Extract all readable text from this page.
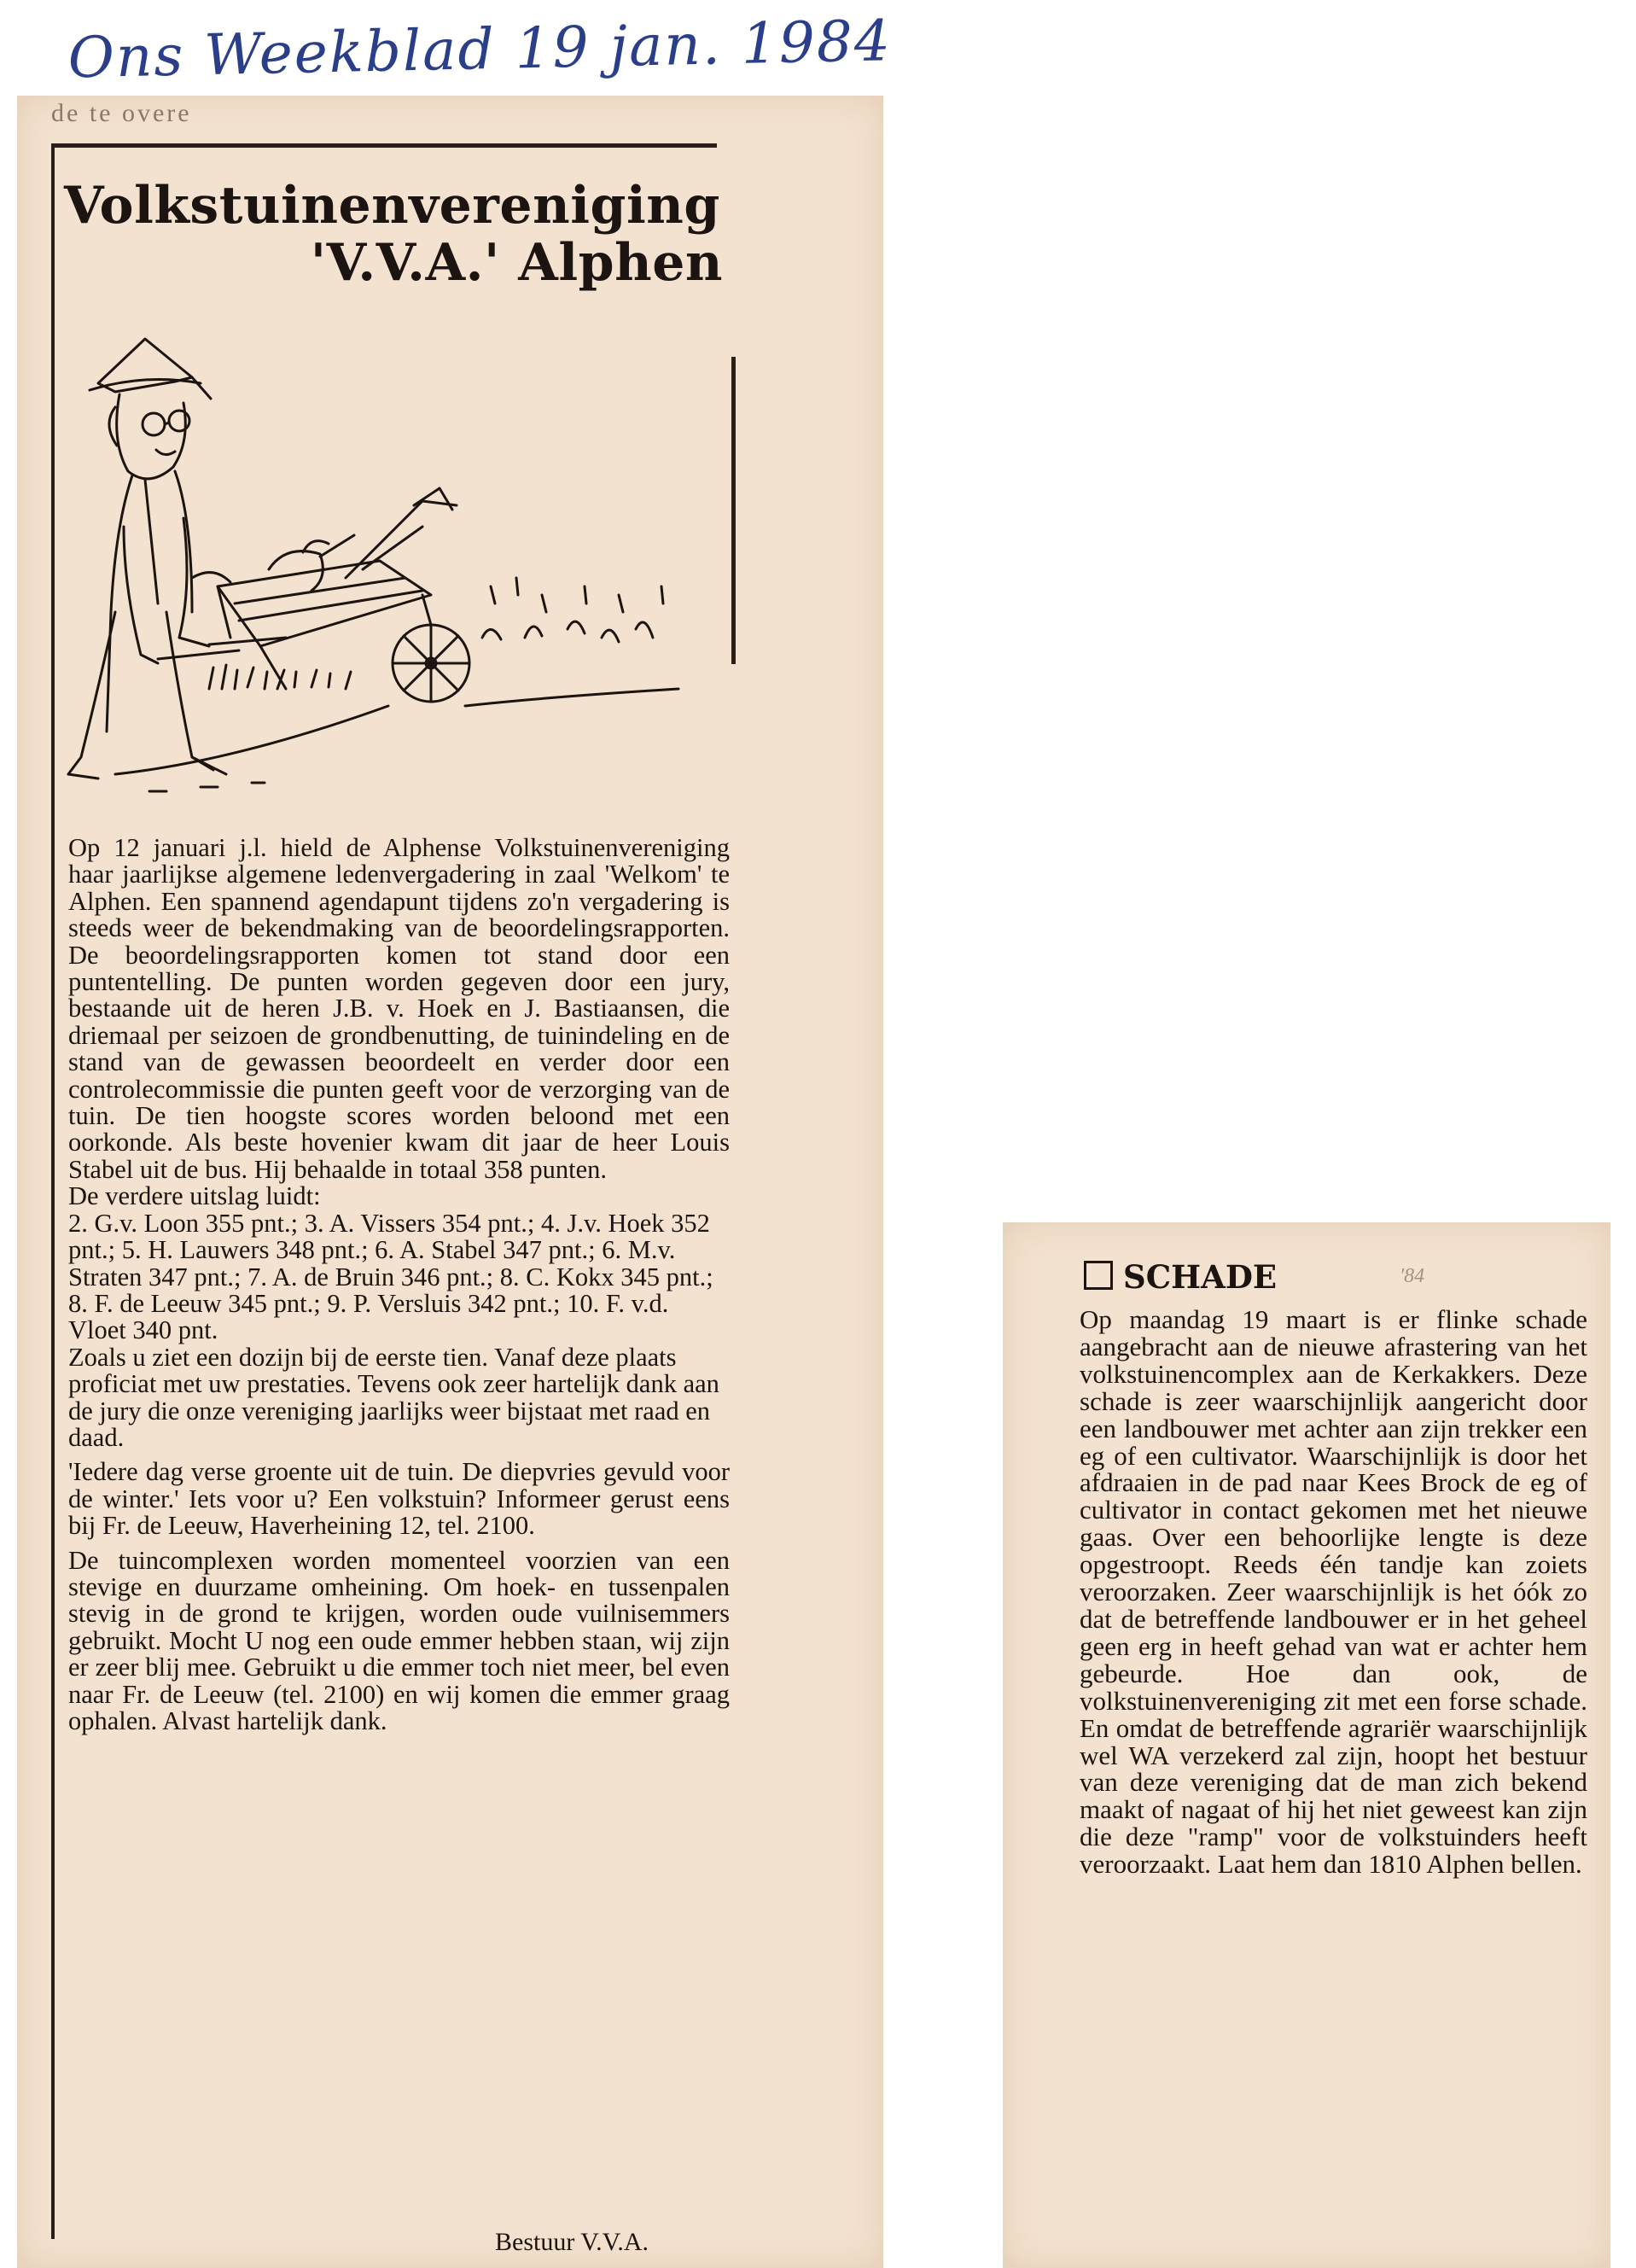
Ons Weekblad 19 jan. 1984
de te overe
Volkstuinenvereniging
'V.V.A.' Alphen

Op 12 januari j.l. hield de Alphense Volkstuinenvereniging haar jaarlijkse algemene ledenvergadering in zaal 'Welkom' te Alphen. Een spannend agendapunt tijdens zo'n vergadering is steeds weer de bekendmaking van de beoordelingsrapporten. De beoordelingsrapporten komen tot stand door een puntentelling. De punten worden gegeven door een jury, bestaande uit de heren J.B. v. Hoek en J. Bastiaansen, die driemaal per seizoen de grondbenutting, de tuinindeling en de stand van de gewassen beoordeelt en verder door een controlecommissie die punten geeft voor de verzorging van de tuin. De tien hoogste scores worden beloond met een oorkonde. Als beste hovenier kwam dit jaar de heer Louis Stabel uit de bus. Hij behaalde in totaal 358 punten.
De verdere uitslag luidt:
2. G.v. Loon 355 pnt.; 3. A. Vissers 354 pnt.; 4. J.v. Hoek 352 pnt.; 5. H. Lauwers 348 pnt.; 6. A. Stabel 347 pnt.; 6. M.v. Straten 347 pnt.; 7. A. de Bruin 346 pnt.; 8. C. Kokx 345 pnt.; 8. F. de Leeuw 345 pnt.; 9. P. Versluis 342 pnt.; 10. F. v.d. Vloet 340 pnt.
Zoals u ziet een dozijn bij de eerste tien. Vanaf deze plaats proficiat met uw prestaties. Tevens ook zeer hartelijk dank aan de jury die onze vereniging jaarlijks weer bijstaat met raad en daad.

'Iedere dag verse groente uit de tuin. De diepvries gevuld voor de winter.' Iets voor u? Een volkstuin? Informeer gerust eens bij Fr. de Leeuw, Haverheining 12, tel. 2100.

De tuincomplexen worden momenteel voorzien van een stevige en duurzame omheining. Om hoek- en tussenpalen stevig in de grond te krijgen, worden oude vuilnisemmers gebruikt. Mocht U nog een oude emmer hebben staan, wij zijn er zeer blij mee. Gebruikt u die emmer toch niet meer, bel even naar Fr. de Leeuw (tel. 2100) en wij komen die emmer graag ophalen. Alvast hartelijk dank.

Bestuur V.V.A.
SCHADE	'84

Op maandag 19 maart is er flinke schade aangebracht aan de nieuwe afrastering van het volkstuinencomplex aan de Kerkakkers. Deze schade is zeer waarschijnlijk aangericht door een landbouwer met achter aan zijn trekker een eg of een cultivator. Waarschijnlijk is door het afdraaien in de pad naar Kees Brock de eg of cultivator in contact gekomen met het nieuwe gaas. Over een behoorlijke lengte is deze opgestroopt. Reeds één tandje kan zoiets veroorzaken. Zeer waarschijnlijk is het óók zo dat de betreffende landbouwer er in het geheel geen erg in heeft gehad van wat er achter hem gebeurde. Hoe dan ook, de volkstuinenvereniging zit met een forse schade. En omdat de betreffende agrariër waarschijnlijk wel WA verzekerd zal zijn, hoopt het bestuur van deze vereniging dat de man zich bekend maakt of nagaat of hij het niet geweest kan zijn die deze "ramp" voor de volkstuinders heeft veroorzaakt. Laat hem dan 1810 Alphen bellen.
